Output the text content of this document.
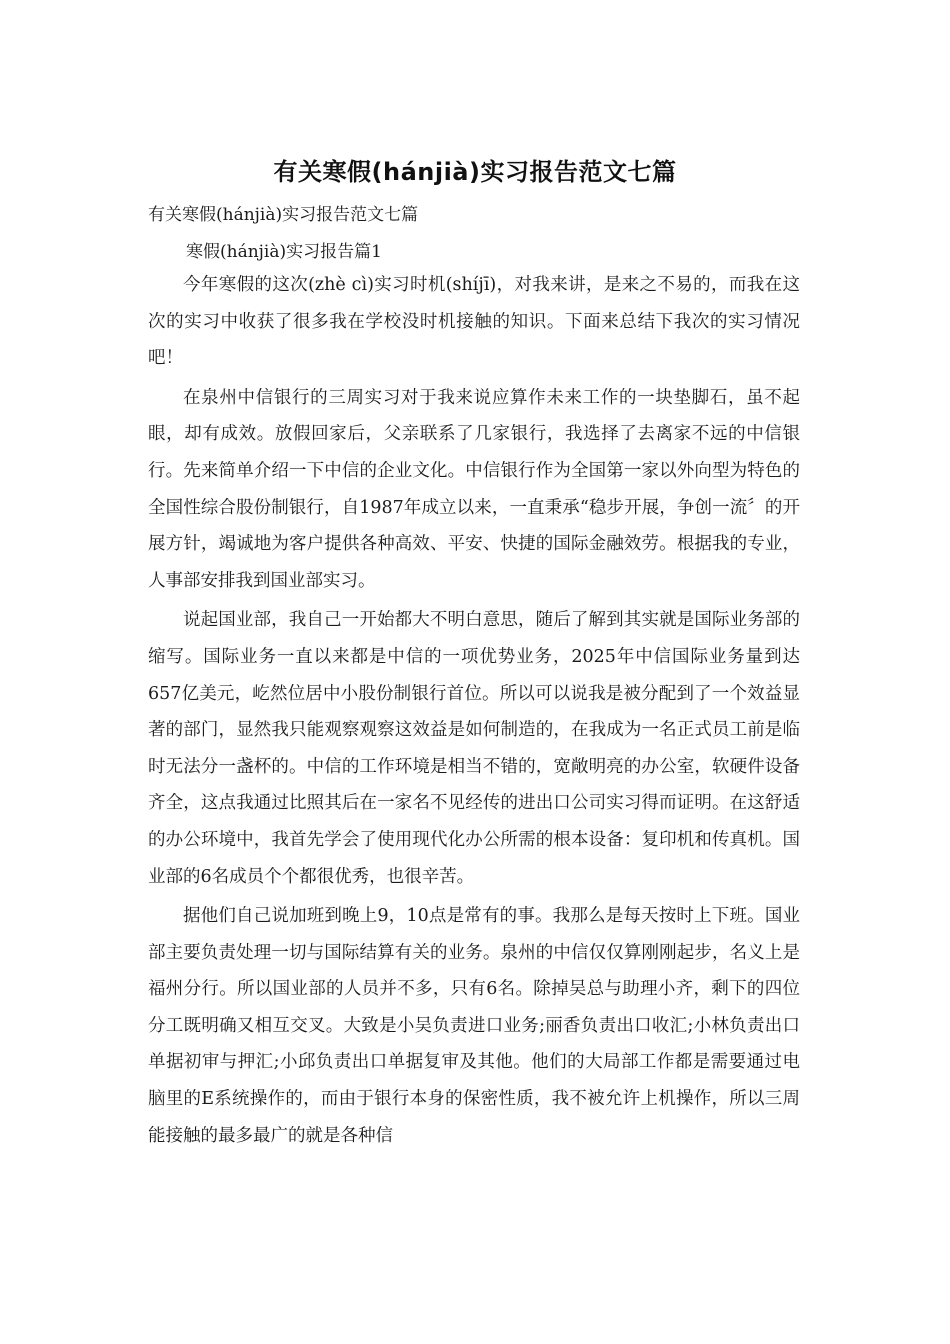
有关寒假(hánjià)实习报告范文七篇
有关寒假(hánjià)实习报告范文七篇
寒假(hánjià)实习报告篇1

今年寒假的这次(zhè cì)实习时机(shíjī)，对我来讲，是来之不易的，而我在这次的实习中收获了很多我在学校没时机接触的知识。下面来总结下我次的实习情况吧！

在泉州中信银行的三周实习对于我来说应算作未来工作的一块垫脚石，虽不起眼，却有成效。放假回家后，父亲联系了几家银行，我选择了去离家不远的中信银行。先来简单介绍一下中信的企业文化。中信银行作为全国第一家以外向型为特色的全国性综合股份制银行，自1987年成立以来，一直秉承“稳步开展，争创一流〞的开展方针，竭诚地为客户提供各种高效、平安、快捷的国际金融效劳。根据我的专业，人事部安排我到国业部实习。

说起国业部，我自己一开始都大不明白意思，随后了解到其实就是国际业务部的缩写。国际业务一直以来都是中信的一项优势业务，2025年中信国际业务量到达657亿美元，屹然位居中小股份制银行首位。所以可以说我是被分配到了一个效益显著的部门，显然我只能观察观察这效益是如何制造的，在我成为一名正式员工前是临时无法分一盏杯的。中信的工作环境是相当不错的，宽敞明亮的办公室，软硬件设备齐全，这点我通过比照其后在一家名不见经传的进出口公司实习得而证明。在这舒适的办公环境中，我首先学会了使用现代化办公所需的根本设备：复印机和传真机。国业部的6名成员个个都很优秀，也很辛苦。

据他们自己说加班到晚上9，10点是常有的事。我那么是每天按时上下班。国业部主要负责处理一切与国际结算有关的业务。泉州的中信仅仅算刚刚起步，名义上是福州分行。所以国业部的人员并不多，只有6名。除掉吴总与助理小齐，剩下的四位分工既明确又相互交叉。大致是小吴负责进口业务;丽香负责出口收汇;小林负责出口单据初审与押汇;小邱负责出口单据复审及其他。他们的大局部工作都是需要通过电脑里的E系统操作的，而由于银行本身的保密性质，我不被允许上机操作，所以三周能接触的最多最广的就是各种信
